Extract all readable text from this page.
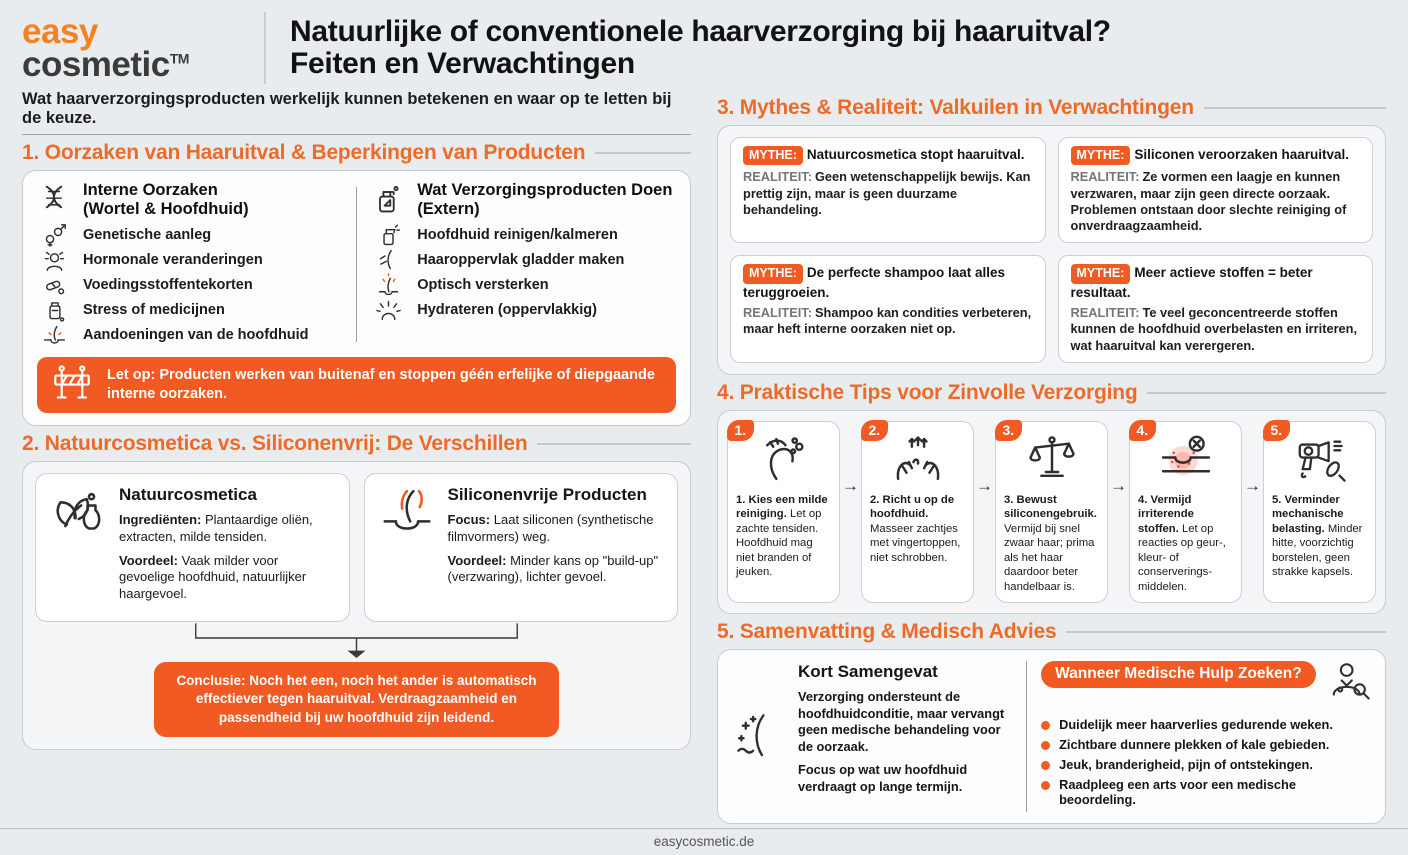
easy
cosmetic™
Natuurlijke of conventionele haarverzorging bij haaruitval?
Feiten en Verwachtingen
Wat haarverzorgingsproducten werkelijk kunnen betekenen en waar op te letten bij de keuze.
1. Oorzaken van Haaruitval & Beperkingen van Producten
Interne Oorzaken
(Wortel & Hoofdhuid)
Genetische aanleg
Hormonale veranderingen
Voedingsstoffentekorten
Stress of medicijnen
Aandoeningen van de hoofdhuid
Wat Verzorgingsproducten Doen
(Extern)
Hoofdhuid reinigen/kalmeren
Haaroppervlak gladder maken
Optisch versterken
Hydrateren (oppervlakkig)

Let op: Producten werken van buitenaf en stoppen géén erfelijke of diepgaande interne oorzaken.

2. Natuurcosmetica vs. Siliconenvrij: De Verschillen
Natuurcosmetica

Ingrediënten: Plantaardige oliën, extracten, milde tensiden.

Voordeel: Vaak milder voor gevoelige hoofdhuid, natuurlijker haargevoel.

Siliconenvrije Producten

Focus: Laat siliconen (synthetische filmvormers) weg.

Voordeel: Minder kans op "build-up" (verzwaring), lichter gevoel.

Conclusie: Noch het een, noch het ander is automatisch effectiever tegen haaruitval. Verdraagzaamheid en passendheid bij uw hoofdhuid zijn leidend.
3. Mythes & Realiteit: Valkuilen in Verwachtingen

MYTHE: Natuurcosmetica stopt haaruitval.

REALITEIT: Geen wetenschappelijk bewijs. Kan prettig zijn, maar is geen duurzame behandeling.

MYTHE: Siliconen veroorzaken haaruitval.

REALITEIT: Ze vormen een laagje en kunnen verzwaren, maar zijn geen directe oorzaak. Problemen ontstaan door slechte reiniging of onverdraagzaamheid.

MYTHE: De perfecte shampoo laat alles teruggroeien.

REALITEIT: Shampoo kan condities verbeteren, maar heft interne oorzaken niet op.

MYTHE: Meer actieve stoffen = beter resultaat.

REALITEIT: Te veel geconcentreerde stoffen kunnen de hoofdhuid overbelasten en irriteren, wat haaruitval kan verergeren.

4. Praktische Tips voor Zinvolle Verzorging
1.

1. Kies een milde reiniging. Let op zachte tensiden. Hoofdhuid mag niet branden of jeuken.

→
2.

2. Richt u op de hoofdhuid. Masseer zachtjes met vingertoppen, niet schrobben.

→
3.

3. Bewust siliconengebruik. Vermijd bij snel zwaar haar; prima als het haar daardoor beter handelbaar is.

→
4.

4. Vermijd irriterende stoffen. Let op reacties op geur-, kleur- of conserverings-middelen.

→
5.

5. Verminder mechanische belasting. Minder hitte, voorzichtig borstelen, geen strakke kapsels.

5. Samenvatting & Medisch Advies
Kort Samengevat

Verzorging ondersteunt de hoofdhuidconditie, maar vervangt geen medische behandeling voor de oorzaak.

Focus op wat uw hoofdhuid verdraagt op lange termijn.

Wanneer Medische Hulp Zoeken?
Duidelijk meer haarverlies gedurende weken.
Zichtbare dunnere plekken of kale gebieden.
Jeuk, branderigheid, pijn of ontstekingen.
Raadpleeg een arts voor een medische beoordeling.
easycosmetic.de
